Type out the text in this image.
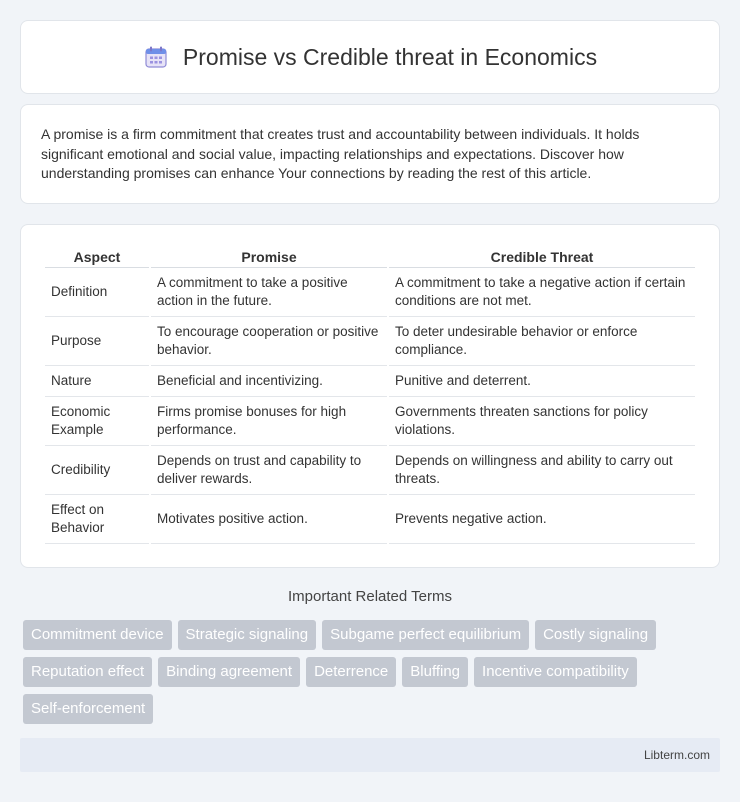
Promise vs Credible threat in Economics

A promise is a firm commitment that creates trust and accountability between individuals. It holds significant emotional and social value, impacting relationships and expectations. Discover how understanding promises can enhance Your connections by reading the rest of this article.

Aspect	Promise	Credible Threat
Definition	A commitment to take a positive action in the future.	A commitment to take a negative action if certain conditions are not met.
Purpose	To encourage cooperation or positive behavior.	To deter undesirable behavior or enforce compliance.
Nature	Beneficial and incentivizing.	Punitive and deterrent.
Economic Example	Firms promise bonuses for high performance.	Governments threaten sanctions for policy violations.
Credibility	Depends on trust and capability to deliver rewards.	Depends on willingness and ability to carry out threats.
Effect on Behavior	Motivates positive action.	Prevents negative action.
Important Related Terms
Commitment device	Strategic signaling	Subgame perfect equilibrium	Costly signaling
Reputation effect	Binding agreement	Deterrence	Bluffing	Incentive compatibility
Self-enforcement
Libterm.com
